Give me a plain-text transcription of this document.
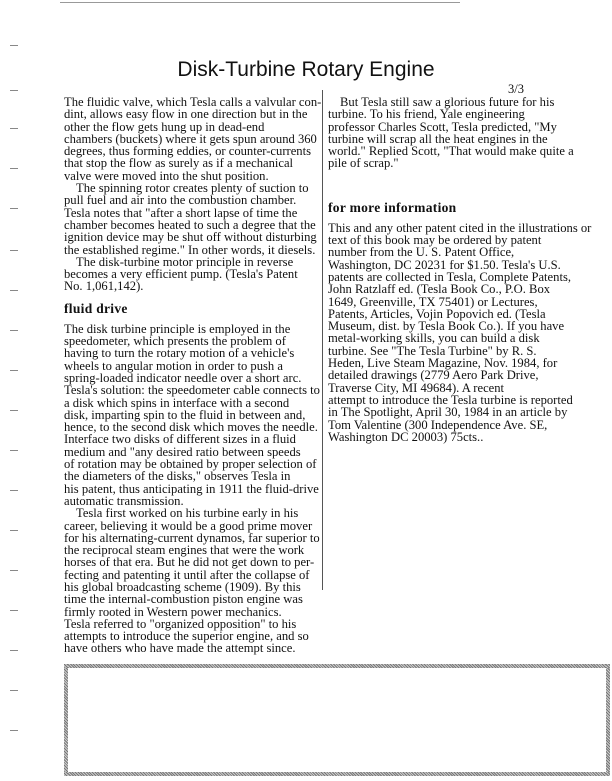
Disk-Turbine Rotary Engine
3/3
The fluidic valve, which Tesla calls a valvular con-
dint, allows easy flow in one direction but in the
other the flow gets hung up in dead-end
chambers (buckets) where it gets spun around 360
degrees, thus forming eddies, or counter-currents
that stop the flow as surely as if a mechanical
valve were moved into the shut position.
The spinning rotor creates plenty of suction to
pull fuel and air into the combustion chamber.
Tesla notes that "after a short lapse of time the
chamber becomes heated to such a degree that the
ignition device may be shut off without disturbing
the established regime." In other words, it diesels.
The disk-turbine motor principle in reverse
becomes a very efficient pump. (Tesla's Patent
No. 1,061,142).
fluid drive
The disk turbine principle is employed in the
speedometer, which presents the problem of
having to turn the rotary motion of a vehicle's
wheels to angular motion in order to push a
spring-loaded indicator needle over a short arc.
Tesla's solution: the speedometer cable connects to
a disk which spins in interface with a second
disk, imparting spin to the fluid in between and,
hence, to the second disk which moves the needle.
Interface two disks of different sizes in a fluid
medium and "any desired ratio between speeds
of rotation may be obtained by proper selection of
the diameters of the disks," observes Tesla in
his patent, thus anticipating in 1911 the fluid-drive
automatic transmission.
Tesla first worked on his turbine early in his
career, believing it would be a good prime mover
for his alternating-current dynamos, far superior to
the reciprocal steam engines that were the work
horses of that era. But he did not get down to per-
fecting and patenting it until after the collapse of
his global broadcasting scheme (1909). By this
time the internal-combustion piston engine was
firmly rooted in Western power mechanics.
Tesla referred to "organized opposition" to his
attempts to introduce the superior engine, and so
have others who have made the attempt since.
But Tesla still saw a glorious future for his
turbine. To his friend, Yale engineering
professor Charles Scott, Tesla predicted, "My
turbine will scrap all the heat engines in the
world." Replied Scott, "That would make quite a
pile of scrap."
for more information
This and any other patent cited in the illustrations or
text of this book may be ordered by patent
number from the U. S. Patent Office,
Washington, DC 20231 for $1.50. Tesla's U.S.
patents are collected in Tesla, Complete Patents,
John Ratzlaff ed. (Tesla Book Co., P.O. Box
1649, Greenville, TX 75401) or Lectures,
Patents, Articles, Vojin Popovich ed. (Tesla
Museum, dist. by Tesla Book Co.). If you have
metal-working skills, you can build a disk
turbine. See "The Tesla Turbine" by R. S.
Heden, Live Steam Magazine, Nov. 1984, for
detailed drawings (2779 Aero Park Drive,
Traverse City, MI 49684). A recent
attempt to introduce the Tesla turbine is reported
in The Spotlight, April 30, 1984 in an article by
Tom Valentine (300 Independence Ave. SE,
Washington DC 20003) 75cts..
